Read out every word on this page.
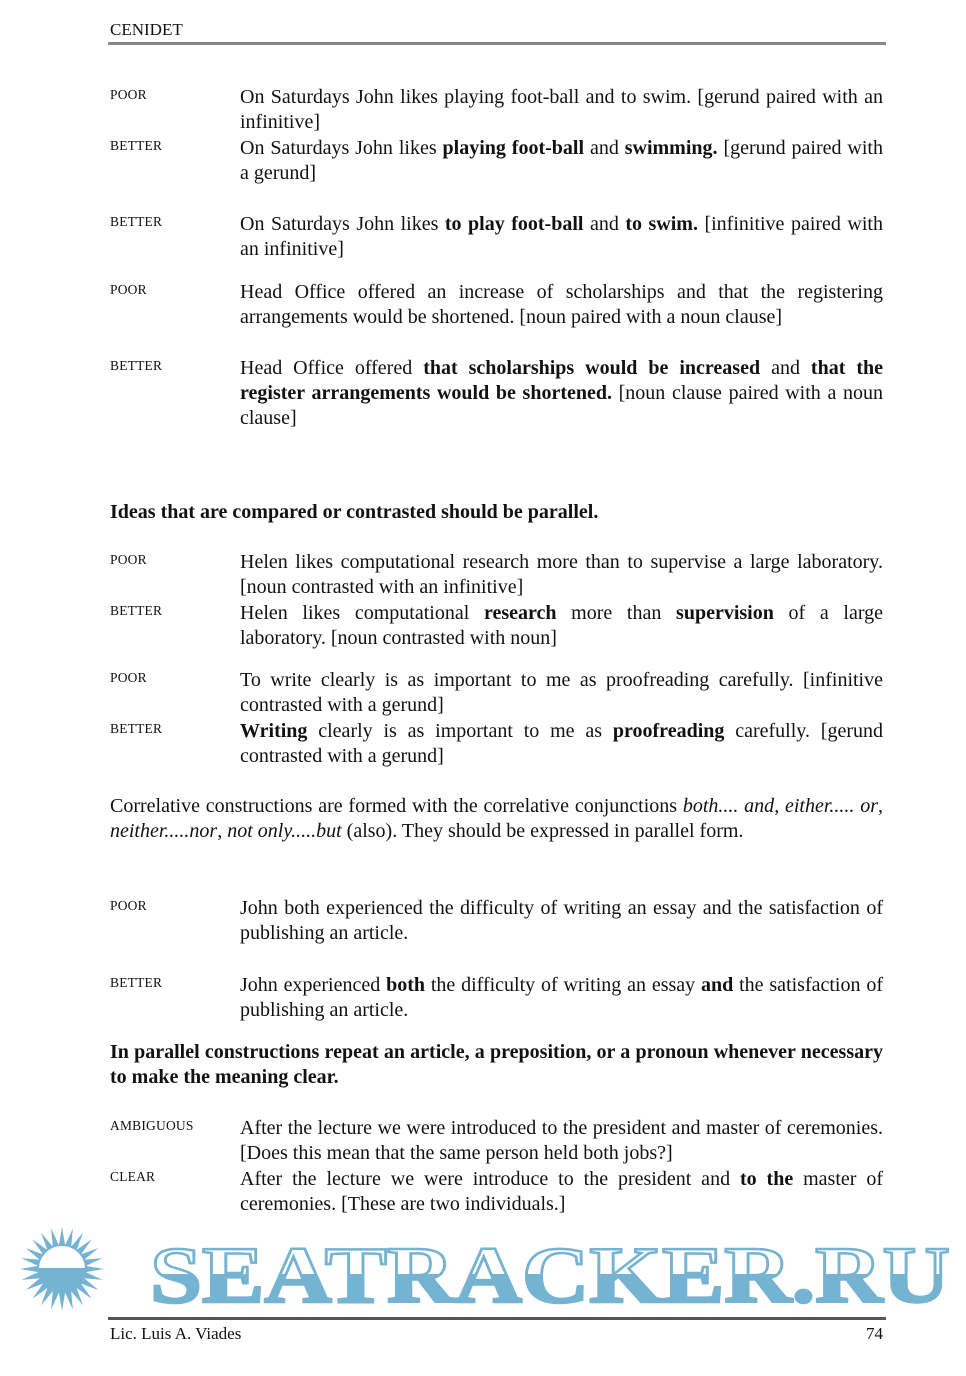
CENIDET
POOR	On Saturdays John likes playing foot-ball and to swim. [gerund paired with an infinitive]
BETTER	On Saturdays John likes playing foot-ball and swimming. [gerund paired with a gerund]
BETTER	On Saturdays John likes to play foot-ball and to swim. [infinitive paired with an infinitive]
POOR	Head Office offered an increase of scholarships and that the registering arrangements would be shortened. [noun paired with a noun clause]
BETTER	Head Office offered that scholarships would be increased and that the register arrangements would be shortened. [noun clause paired with a noun clause]
Ideas that are compared or contrasted should be parallel.
POOR	Helen likes computational research more than to supervise a large laboratory. [noun contrasted with an infinitive]
BETTER	Helen likes computational research more than supervision of a large laboratory. [noun contrasted with noun]
POOR	To write clearly is as important to me as proofreading carefully. [infinitive contrasted with a gerund]
BETTER	Writing clearly is as important to me as proofreading carefully. [gerund contrasted with a gerund]
Correlative constructions are formed with the correlative conjunctions both.... and, either..... or, neither.....nor, not only.....but (also). They should be expressed in parallel form.
POOR	John both experienced the difficulty of writing an essay and the satisfaction of publishing an article.
BETTER	John experienced both the difficulty of writing an essay and the satisfaction of publishing an article.
In parallel constructions repeat an article, a preposition, or a pronoun whenever necessary to make the meaning clear.
AMBIGUOUS After the lecture we were introduced to the president and master of ceremonies. [Does this mean that the same person held both jobs?]
CLEAR	After the lecture we were introduce to the president and to the master of ceremonies. [These are two individuals.]
SEATRACKER.RU
Lic. Luis A. Viades	74
